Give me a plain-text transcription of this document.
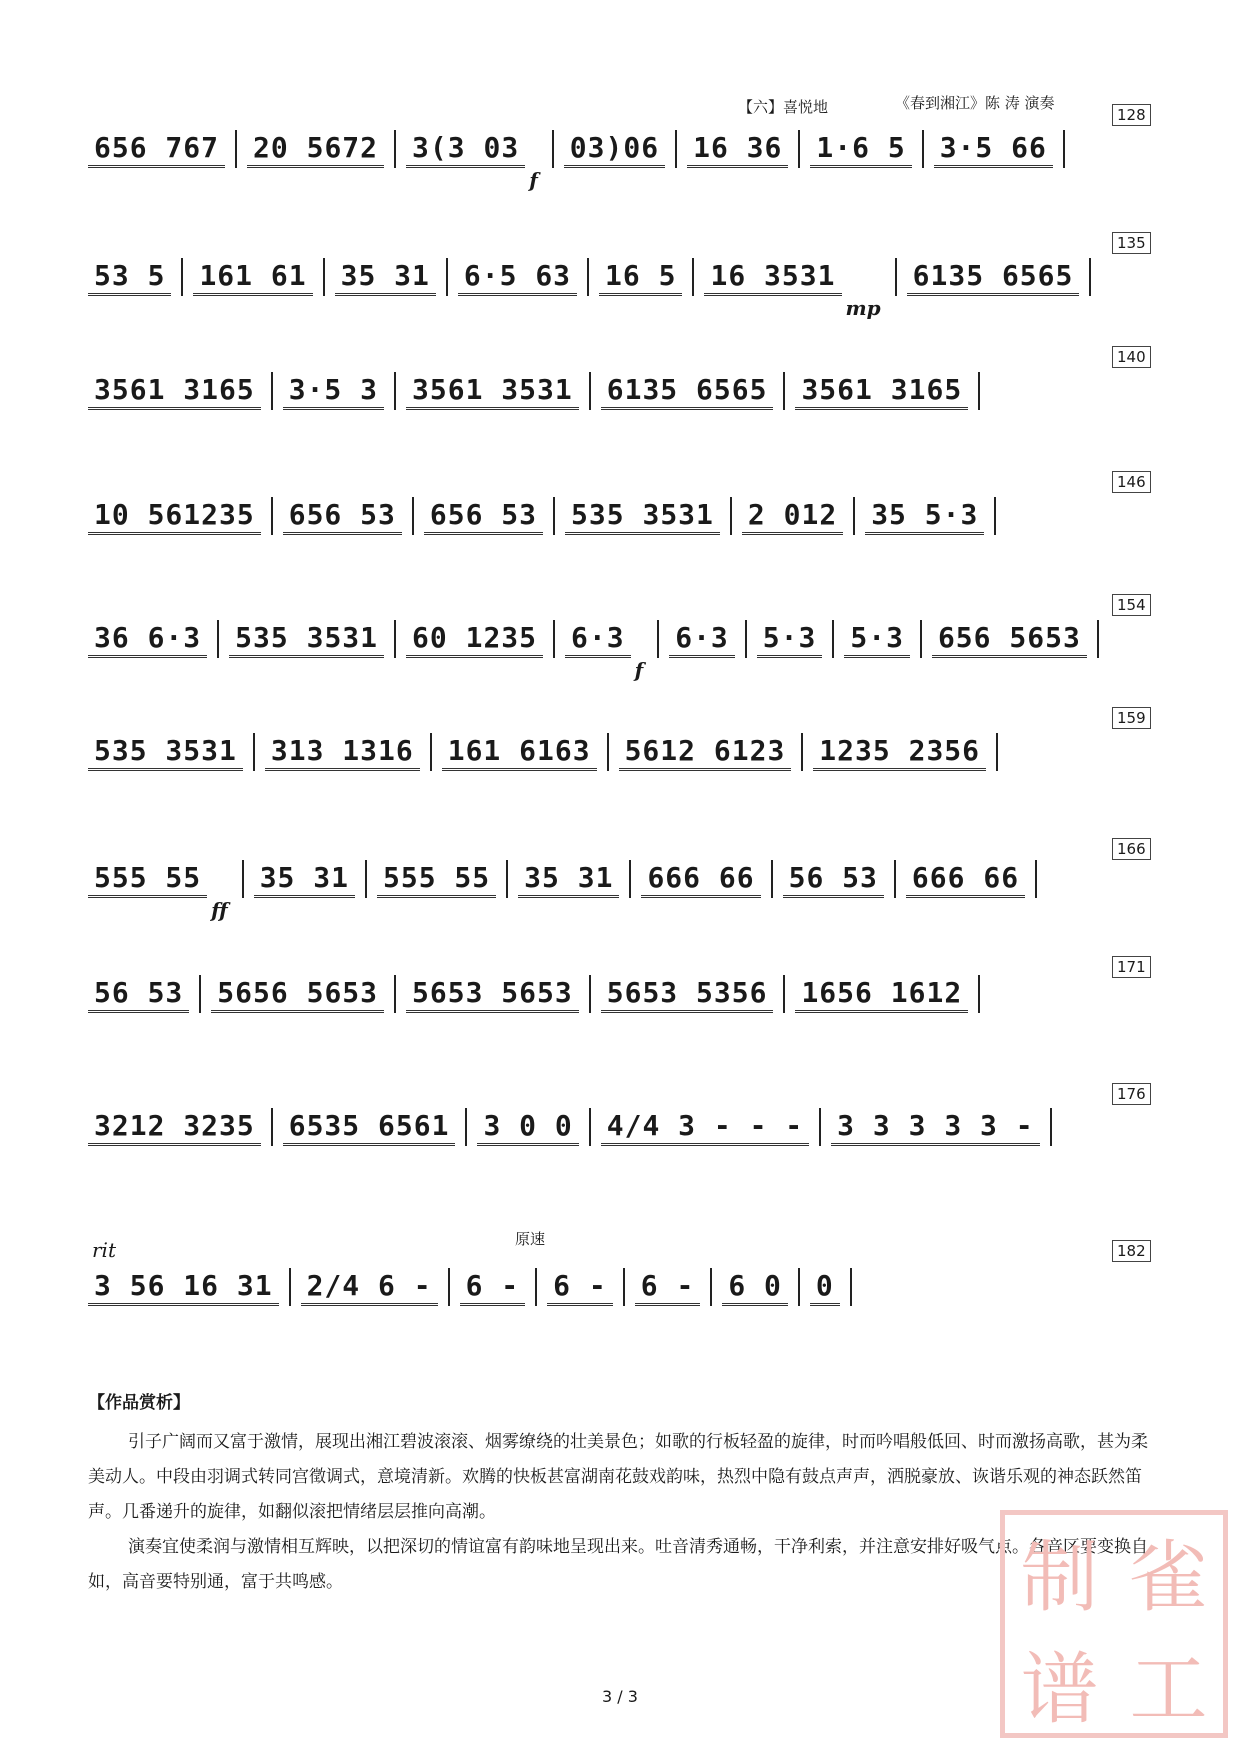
【六】喜悦地	《春到湘江》陈 涛 演奏
656 767 20 5672 3(3 03
f
03)06 16 36 1·6 5 3·5 66
128
53 5 161 61 35 31 6·5 63 16 5 16 3531
mp
6135 6565
135
3561 3165 3·5 3 3561 3531 6135 6565 3561 3165
140
10 561235 656 53 656 53 535 3531 2 012 35 5·3
146
36 6·3 535 3531 60 1235 6·3
f
6·3 5·3 5·3 656 5653
154
535 3531 313 1316 161 6163 5612 6123 1235 2356
159
555 55
ff
35 31 555 55 35 31 666 66 56 53 666 66
166
56 53 5656 5653 5653 5653 5653 5356 1656 1612
171
3212 3235 6535 6561 3 0 0 4/4 3 - - - 3 3 3 3 3 -
176
3 56 16 31 2/4 6 - 6 - 6 - 6 - 6 0 0
182
原速
rit
【作品赏析】
引子广阔而又富于激情，展现出湘江碧波滚滚、烟雾缭绕的壮美景色；如歌的行板轻盈的旋律，时而吟唱般低回、时而激扬高歌，甚为柔美动人。中段由羽调式转同宫徵调式，意境清新。欢腾的快板甚富湖南花鼓戏韵味，热烈中隐有鼓点声声，洒脱豪放、诙谐乐观的神态跃然笛声。几番递升的旋律，如翻似滚把情绪层层推向高潮。
演奏宜使柔润与激情相互辉映，以把深切的情谊富有韵味地呈现出来。吐音清秀通畅，干净利索，并注意安排好吸气点。各音区要变换自如，高音要特别通，富于共鸣感。
3 / 3
制 雀
谱 工
